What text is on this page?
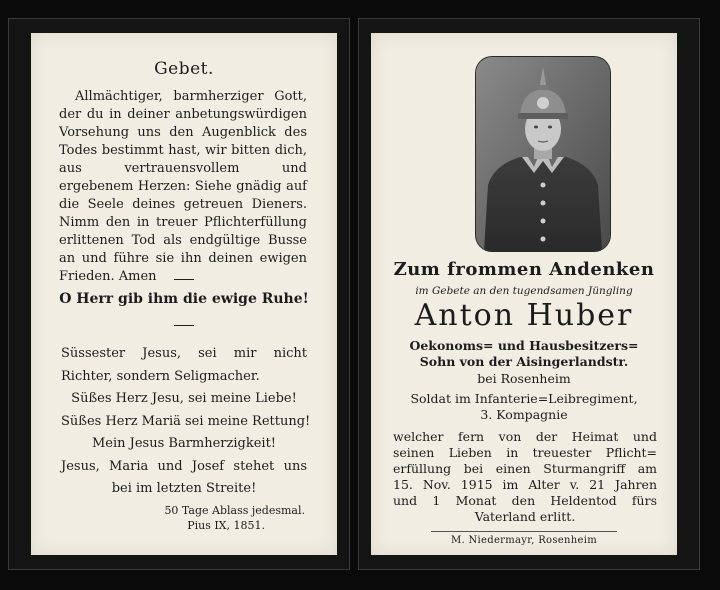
Gebet.

Allmächtiger, barmherziger Gott, der du in deiner anbetungswürdigen Vorsehung uns den Augenblick des Todes bestimmt hast, wir bitten dich, aus vertrauensvollem und ergebenem Herzen: Siehe gnädig auf die Seele deines getreuen Dieners. Nimm den in treuer Pflichterfüllung erlittenen Tod als endgültige Busse an und führe sie ihn deinen ewigen Frieden. Amen

O Herr gib ihm die ewige Ruhe!
Süssester Jesus, sei mir nicht
Richter, sondern Seligmacher.
Süßes Herz Jesu, sei meine Liebe!
Süßes Herz Mariä sei meine Rettung!
Mein Jesus Barmherzigkeit!
Jesus, Maria und Josef stehet uns
bei im letzten Streite!
50 Tage Ablass jedesmal.
Pius IX, 1851.
Zum frommen Andenken
im Gebete an den tugendsamen Jüngling
Anton Huber
Oekonoms= und Hausbesitzers=
Sohn von der Aisingerlandstr.
bei Rosenheim
Soldat im Infanterie=Leibregiment,
3. Kompagnie
welcher fern von der Heimat und
seinen Lieben in treuester Pflicht=
erfüllung bei einen Sturmangriff am
15. Nov. 1915 im Alter v. 21 Jahren
und 1 Monat den Heldentod fürs
Vaterland erlitt.
M. Niedermayr, Rosenheim
